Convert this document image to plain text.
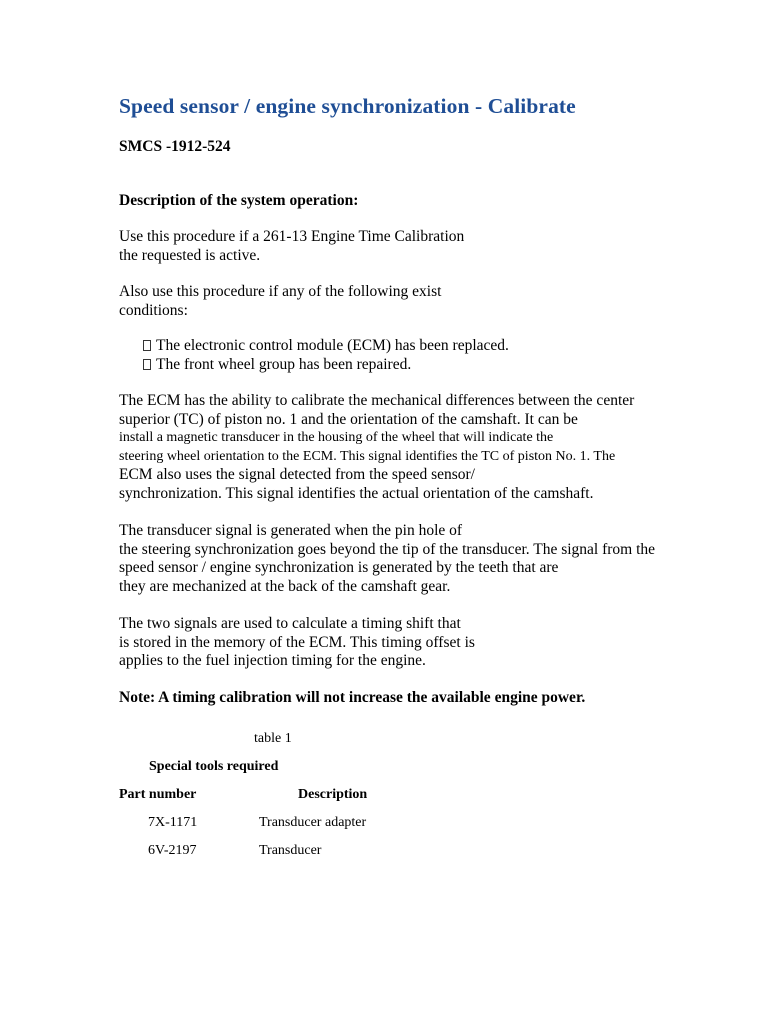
Speed sensor / engine synchronization - Calibrate
SMCS -1912-524
Description of the system operation:
Use this procedure if a 261-13 Engine Time Calibration
the requested is active.
Also use this procedure if any of the following exist
conditions:
The electronic control module (ECM) has been replaced.
The front wheel group has been repaired.
The ECM has the ability to calibrate the mechanical differences between the center
superior (TC) of piston no. 1 and the orientation of the camshaft. It can be
install a magnetic transducer in the housing of the wheel that will indicate the
steering wheel orientation to the ECM. This signal identifies the TC of piston No. 1. The
ECM also uses the signal detected from the speed sensor/
synchronization. This signal identifies the actual orientation of the camshaft.
The transducer signal is generated when the pin hole of
the steering synchronization goes beyond the tip of the transducer. The signal from the
speed sensor / engine synchronization is generated by the teeth that are
they are mechanized at the back of the camshaft gear.
The two signals are used to calculate a timing shift that
is stored in the memory of the ECM. This timing offset is
applies to the fuel injection timing for the engine.
Note: A timing calibration will not increase the available engine power.
table 1
Special tools required
Part number	Description
7X-1171	Transducer adapter
6V-2197	Transducer
